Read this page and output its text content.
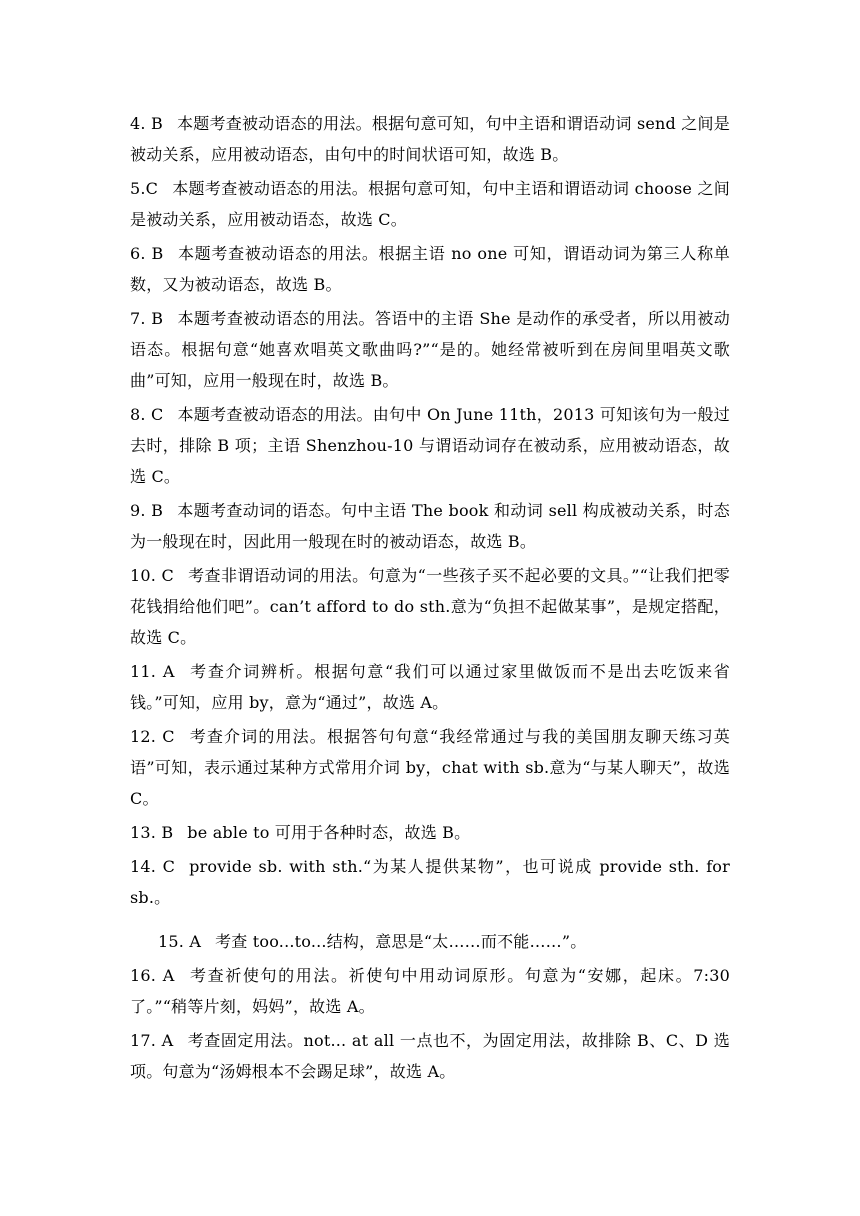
4. B 本题考查被动语态的用法。根据句意可知，句中主语和谓语动词 send 之间是被动关系，应用被动语态，由句中的时间状语可知，故选 B。

5.C 本题考查被动语态的用法。根据句意可知，句中主语和谓语动词 choose 之间是被动关系，应用被动语态，故选 C。

6. B 本题考查被动语态的用法。根据主语 no one 可知，谓语动词为第三人称单数，又为被动语态，故选 B。

7. B 本题考查被动语态的用法。答语中的主语 She 是动作的承受者，所以用被动语态。根据句意“她喜欢唱英文歌曲吗?”“是的。她经常被听到在房间里唱英文歌曲”可知，应用一般现在时，故选 B。

8. C 本题考查被动语态的用法。由句中 On June 11th，2013 可知该句为一般过去时，排除 B 项；主语 Shenzhou-10 与谓语动词存在被动系，应用被动语态，故选 C。

9. B 本题考查动词的语态。句中主语 The book 和动词 sell 构成被动关系，时态为一般现在时，因此用一般现在时的被动语态，故选 B。

10. C 考查非谓语动词的用法。句意为“一些孩子买不起必要的文具。”“让我们把零花钱捐给他们吧”。can’t afford to do sth.意为“负担不起做某事”，是规定搭配，故选 C。

11. A 考查介词辨析。根据句意“我们可以通过家里做饭而不是出去吃饭来省钱。”可知，应用 by，意为“通过”，故选 A。

12. C 考查介词的用法。根据答句句意“我经常通过与我的美国朋友聊天练习英语”可知，表示通过某种方式常用介词 by，chat with sb.意为“与某人聊天”，故选 C。

13. B be able to 可用于各种时态，故选 B。

14. C provide sb. with sth.“为某人提供某物”，也可说成 provide sth. for sb.。

15. A 考查 too...to...结构，意思是“太……而不能……”。

16. A 考查祈使句的用法。祈使句中用动词原形。句意为“安娜，起床。7:30 了。”“稍等片刻，妈妈”，故选 A。

17. A 考查固定用法。not... at all 一点也不，为固定用法，故排除 B、C、D 选项。句意为“汤姆根本不会踢足球”，故选 A。
